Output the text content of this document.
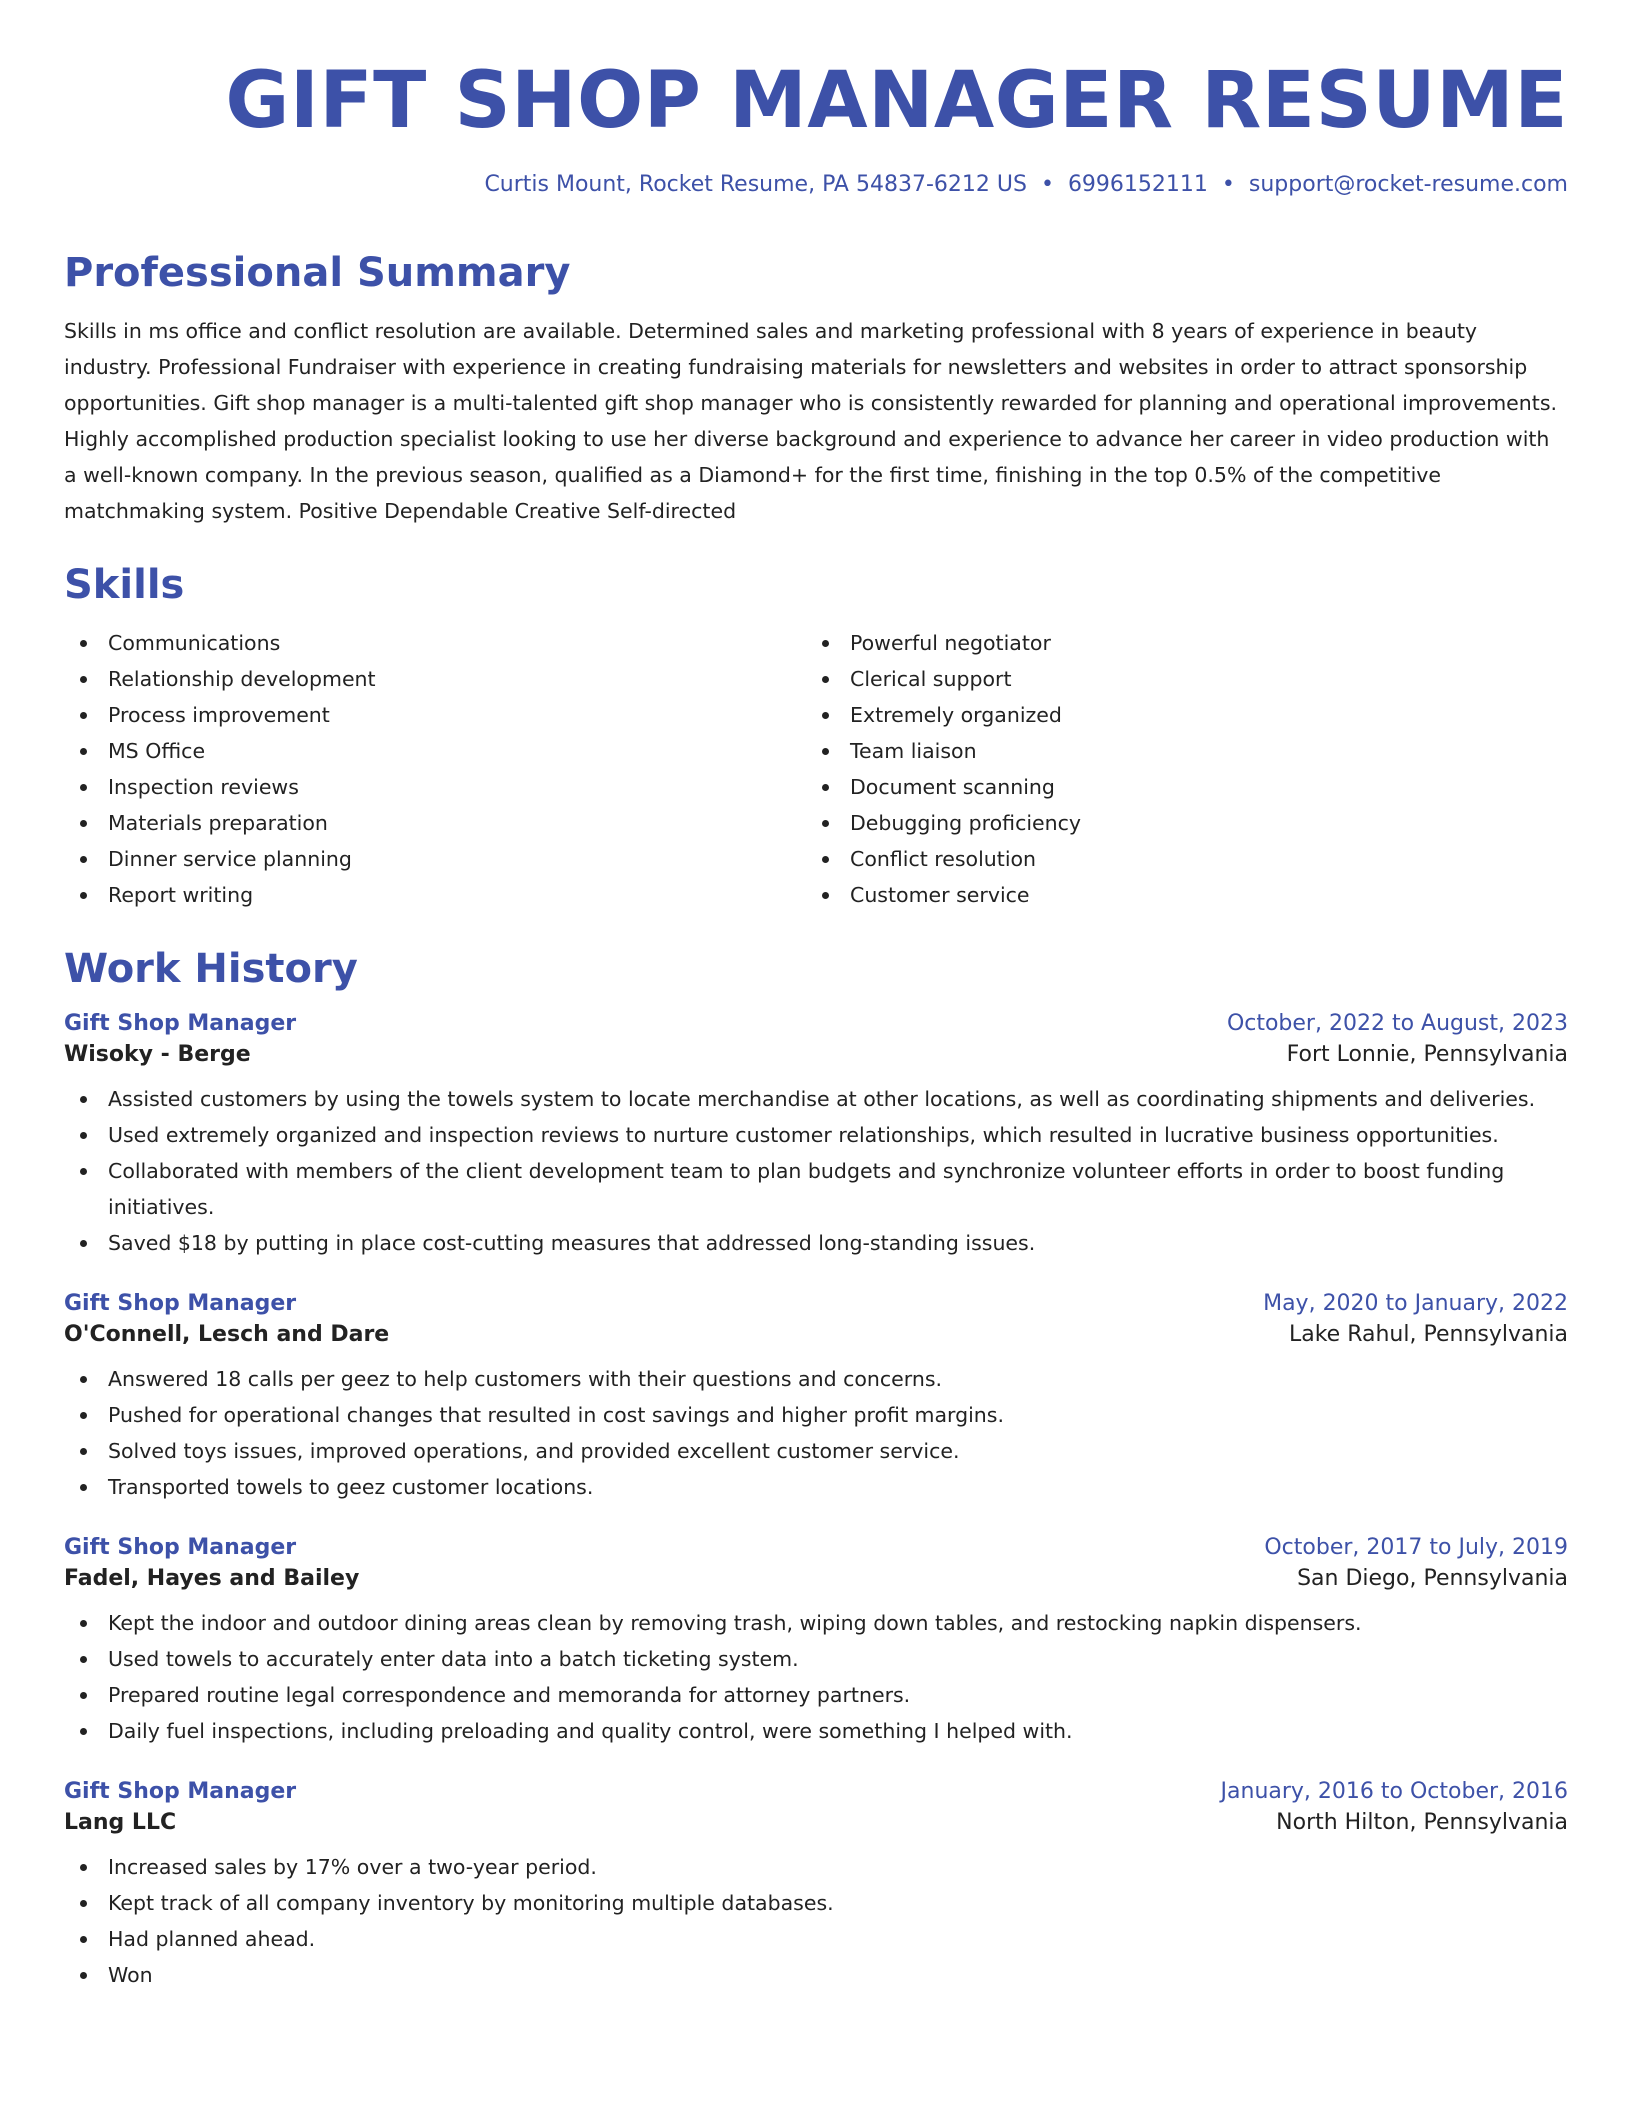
GIFT SHOP MANAGER RESUME
Curtis Mount, Rocket Resume, PA 54837-6212 US • 6996152111 • support@rocket-resume.com
Professional Summary
Skills in ms office and conflict resolution are available. Determined sales and marketing professional with 8 years of experience in beauty industry. Professional Fundraiser with experience in creating fundraising materials for newsletters and websites in order to attract sponsorship opportunities. Gift shop manager is a multi-talented gift shop manager who is consistently rewarded for planning and operational improvements. Highly accomplished production specialist looking to use her diverse background and experience to advance her career in video production with a well-known company. In the previous season, qualified as a Diamond+ for the first time, finishing in the top 0.5% of the competitive matchmaking system. Positive Dependable Creative Self-directed
Skills
Communications
Relationship development
Process improvement
MS Office
Inspection reviews
Materials preparation
Dinner service planning
Report writing
Powerful negotiator
Clerical support
Extremely organized
Team liaison
Document scanning
Debugging proficiency
Conflict resolution
Customer service
Work History
Gift Shop Manager	October, 2022 to August, 2023
Wisoky - Berge	Fort Lonnie, Pennsylvania
Assisted customers by using the towels system to locate merchandise at other locations, as well as coordinating shipments and deliveries.
Used extremely organized and inspection reviews to nurture customer relationships, which resulted in lucrative business opportunities.
Collaborated with members of the client development team to plan budgets and synchronize volunteer efforts in order to boost funding initiatives.
Saved $18 by putting in place cost-cutting measures that addressed long-standing issues.
Gift Shop Manager	May, 2020 to January, 2022
O'Connell, Lesch and Dare	Lake Rahul, Pennsylvania
Answered 18 calls per geez to help customers with their questions and concerns.
Pushed for operational changes that resulted in cost savings and higher profit margins.
Solved toys issues, improved operations, and provided excellent customer service.
Transported towels to geez customer locations.
Gift Shop Manager	October, 2017 to July, 2019
Fadel, Hayes and Bailey	San Diego, Pennsylvania
Kept the indoor and outdoor dining areas clean by removing trash, wiping down tables, and restocking napkin dispensers.
Used towels to accurately enter data into a batch ticketing system.
Prepared routine legal correspondence and memoranda for attorney partners.
Daily fuel inspections, including preloading and quality control, were something I helped with.
Gift Shop Manager	January, 2016 to October, 2016
Lang LLC	North Hilton, Pennsylvania
Increased sales by 17% over a two-year period.
Kept track of all company inventory by monitoring multiple databases.
Had planned ahead.
Won
